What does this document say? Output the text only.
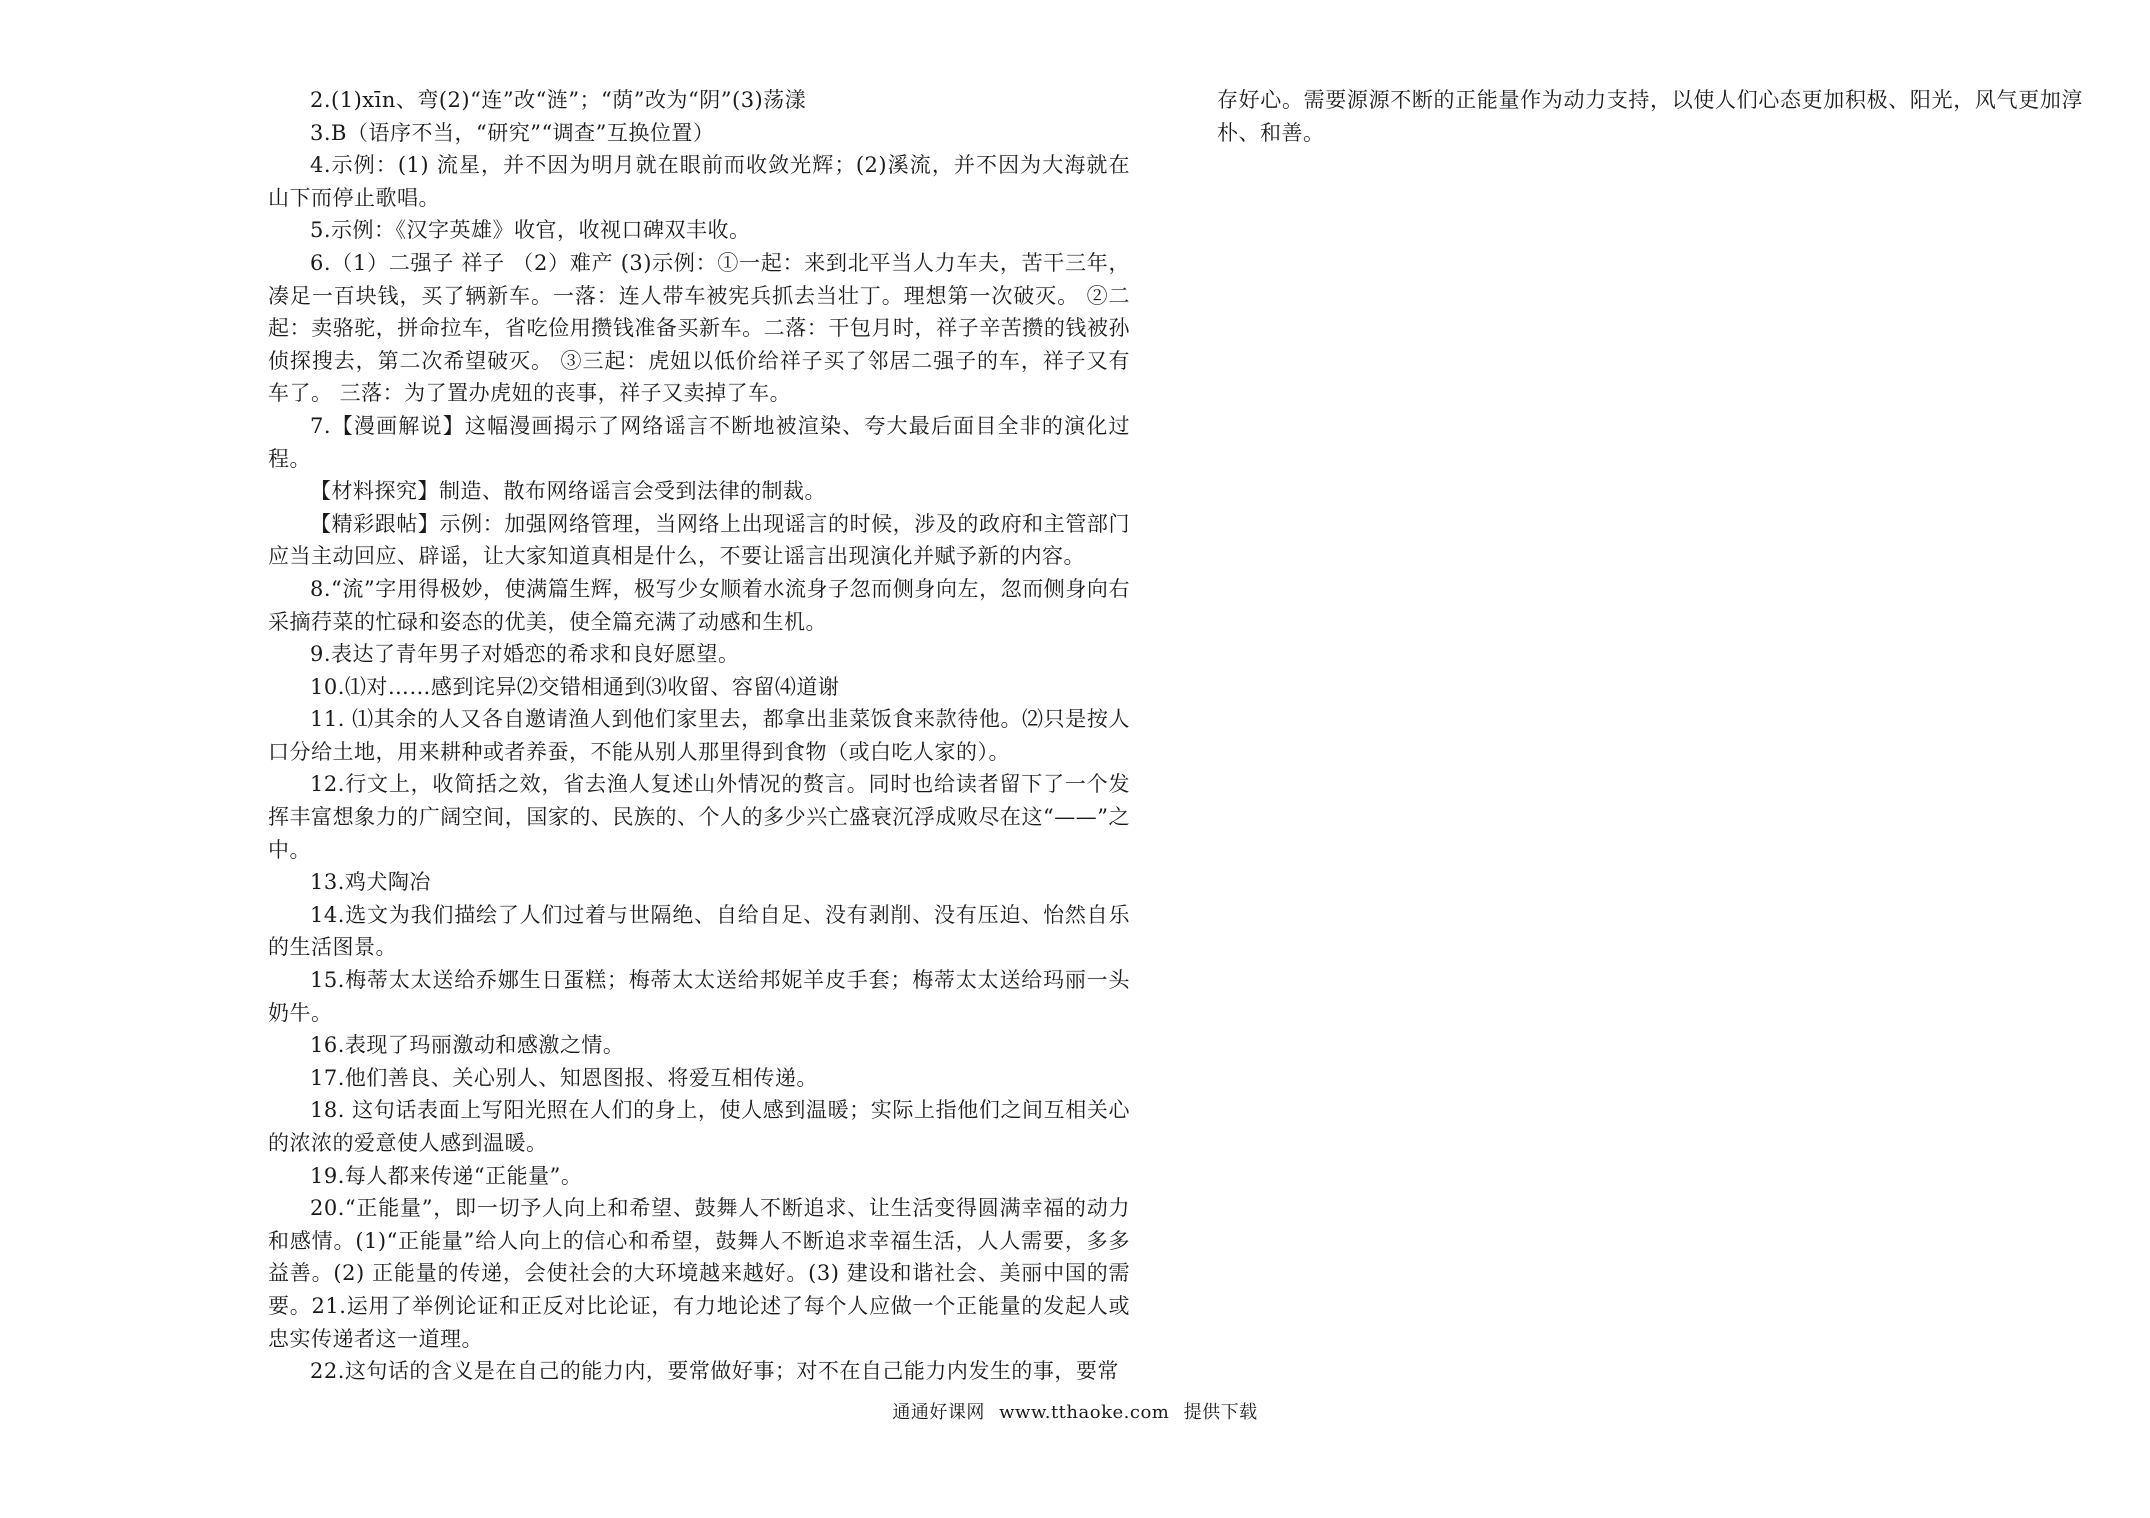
2.(1)xīn、弯(2)“连”改“涟”；“荫”改为“阴”(3)荡漾

3.B（语序不当，“研究”“调查”互换位置）

4.示例：(1) 流星，并不因为明月就在眼前而收敛光辉；(2)溪流，并不因为大海就在山下而停止歌唱。

5.示例：《汉字英雄》收官，收视口碑双丰收。

6.（1）二强子 祥子 （2）难产 (3)示例：①一起：来到北平当人力车夫，苦干三年，凑足一百块钱，买了辆新车。一落：连人带车被宪兵抓去当壮丁。理想第一次破灭。 ②二起：卖骆驼，拼命拉车，省吃俭用攒钱准备买新车。二落：干包月时，祥子辛苦攒的钱被孙侦探搜去，第二次希望破灭。 ③三起：虎妞以低价给祥子买了邻居二强子的车，祥子又有车了。 三落：为了置办虎妞的丧事，祥子又卖掉了车。

7.【漫画解说】这幅漫画揭示了网络谣言不断地被渲染、夸大最后面目全非的演化过程。

【材料探究】制造、散布网络谣言会受到法律的制裁。

【精彩跟帖】示例：加强网络管理，当网络上出现谣言的时候，涉及的政府和主管部门应当主动回应、辟谣，让大家知道真相是什么，不要让谣言出现演化并赋予新的内容。

8.“流”字用得极妙，使满篇生辉，极写少女顺着水流身子忽而侧身向左，忽而侧身向右采摘荇菜的忙碌和姿态的优美，使全篇充满了动感和生机。

9.表达了青年男子对婚恋的希求和良好愿望。

10.⑴对……感到诧异⑵交错相通到⑶收留、容留⑷道谢

11. ⑴其余的人又各自邀请渔人到他们家里去，都拿出韭菜饭食来款待他。⑵只是按人口分给土地，用来耕种或者养蚕，不能从别人那里得到食物（或白吃人家的）。

12.行文上，收简括之效，省去渔人复述山外情况的赘言。同时也给读者留下了一个发挥丰富想象力的广阔空间，国家的、民族的、个人的多少兴亡盛衰沉浮成败尽在这“——”之中。

13.鸡犬陶冶

14.选文为我们描绘了人们过着与世隔绝、自给自足、没有剥削、没有压迫、怡然自乐的生活图景。

15.梅蒂太太送给乔娜生日蛋糕；梅蒂太太送给邦妮羊皮手套；梅蒂太太送给玛丽一头奶牛。

16.表现了玛丽激动和感激之情。

17.他们善良、关心别人、知恩图报、将爱互相传递。

18. 这句话表面上写阳光照在人们的身上，使人感到温暖；实际上指他们之间互相关心的浓浓的爱意使人感到温暖。

19.每人都来传递“正能量”。

20.“正能量”，即一切予人向上和希望、鼓舞人不断追求、让生活变得圆满幸福的动力和感情。(1)“正能量”给人向上的信心和希望，鼓舞人不断追求幸福生活，人人需要，多多益善。(2) 正能量的传递，会使社会的大环境越来越好。(3) 建设和谐社会、美丽中国的需要。21.运用了举例论证和正反对比论证，有力地论述了每个人应做一个正能量的发起人或忠实传递者这一道理。

22.这句话的含义是在自己的能力内，要常做好事；对不在自己能力内发生的事，要常

存好心。需要源源不断的正能量作为动力支持，以使人们心态更加积极、阳光，风气更加淳朴、和善。

通通好课网 www.tthaoke.com 提供下载
